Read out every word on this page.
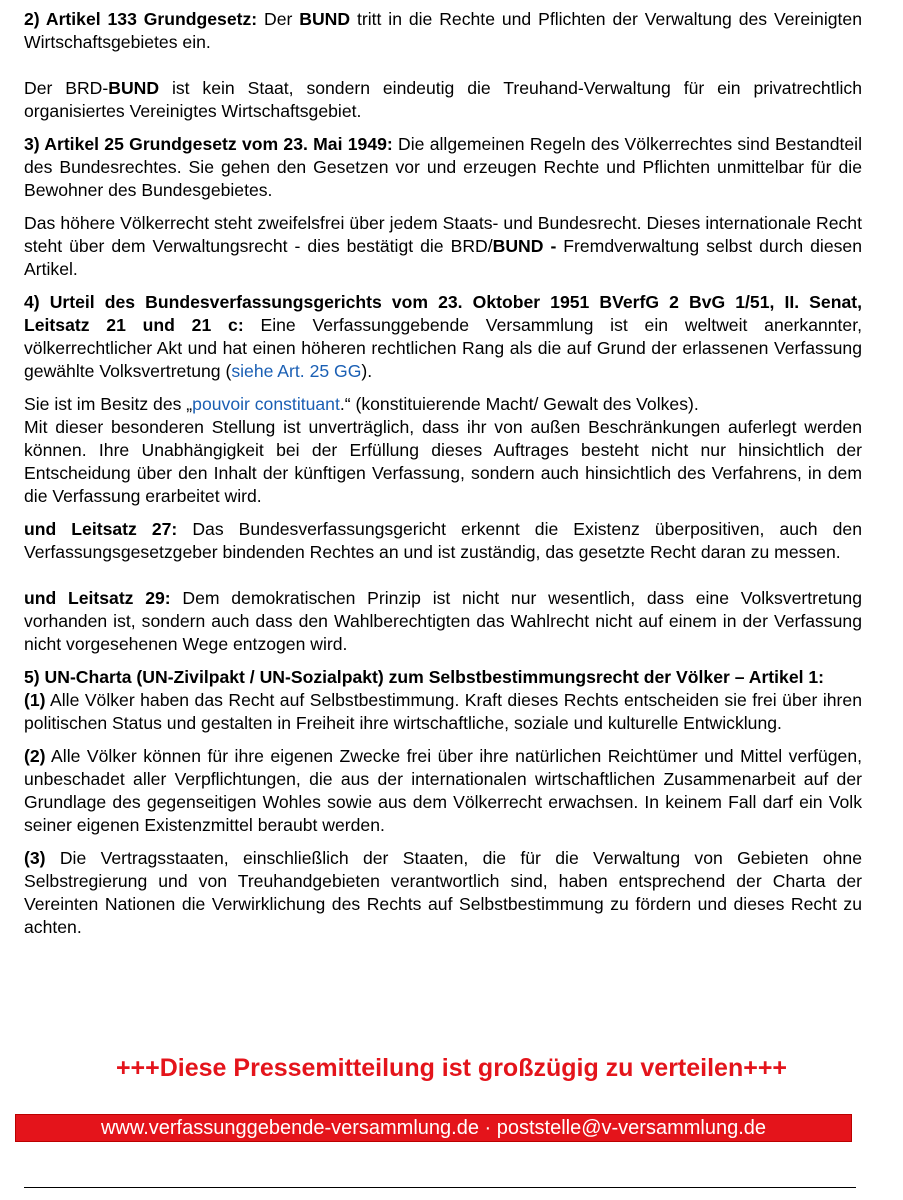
2) Artikel 133 Grundgesetz: Der BUND tritt in die Rechte und Pflichten der Verwaltung des Vereinigten Wirtschaftsgebietes ein.

Der BRD-BUND ist kein Staat, sondern eindeutig die Treuhand-Verwaltung für ein privatrechtlich organisiertes Vereinigtes Wirtschaftsgebiet.

3) Artikel 25 Grundgesetz vom 23. Mai 1949: Die allgemeinen Regeln des Völkerrechtes sind Bestandteil des Bundesrechtes. Sie gehen den Gesetzen vor und erzeugen Rechte und Pflichten unmittelbar für die Bewohner des Bundesgebietes.

Das höhere Völkerrecht steht zweifelsfrei über jedem Staats- und Bundesrecht. Dieses internationale Recht steht über dem Verwaltungsrecht - dies bestätigt die BRD/BUND - Fremdverwaltung selbst durch diesen Artikel.

4) Urteil des Bundesverfassungsgerichts vom 23. Oktober 1951 BVerfG 2 BvG 1/51, II. Senat, Leitsatz 21 und 21 c: Eine Verfassunggebende Versammlung ist ein weltweit anerkannter, völkerrechtlicher Akt und hat einen höheren rechtlichen Rang als die auf Grund der erlassenen Verfassung gewählte Volksvertretung (siehe Art. 25 GG).

Sie ist im Besitz des „pouvoir constituant.“ (konstituierende Macht/ Gewalt des Volkes).

Mit dieser besonderen Stellung ist unverträglich, dass ihr von außen Beschränkungen auferlegt werden können. Ihre Unabhängigkeit bei der Erfüllung dieses Auftrages besteht nicht nur hinsichtlich der Entscheidung über den Inhalt der künftigen Verfassung, sondern auch hinsichtlich des Verfahrens, in dem die Verfassung erarbeitet wird.

und Leitsatz 27: Das Bundesverfassungsgericht erkennt die Existenz überpositiven, auch den Verfassungsgesetzgeber bindenden Rechtes an und ist zuständig, das gesetzte Recht daran zu messen.

und Leitsatz 29: Dem demokratischen Prinzip ist nicht nur wesentlich, dass eine Volksvertretung vorhanden ist, sondern auch dass den Wahlberechtigten das Wahlrecht nicht auf einem in der Verfassung nicht vorgesehenen Wege entzogen wird.

5) UN-Charta (UN-Zivilpakt / UN-Sozialpakt) zum Selbstbestimmungsrecht der Völker – Artikel 1:

(1) Alle Völker haben das Recht auf Selbstbestimmung. Kraft dieses Rechts entscheiden sie frei über ihren politischen Status und gestalten in Freiheit ihre wirtschaftliche, soziale und kulturelle Entwicklung.

(2) Alle Völker können für ihre eigenen Zwecke frei über ihre natürlichen Reichtümer und Mittel verfügen, unbeschadet aller Verpflichtungen, die aus der internationalen wirtschaftlichen Zusammenarbeit auf der Grundlage des gegenseitigen Wohles sowie aus dem Völkerrecht erwachsen. In keinem Fall darf ein Volk seiner eigenen Existenzmittel beraubt werden.

(3) Die Vertragsstaaten, einschließlich der Staaten, die für die Verwaltung von Gebieten ohne Selbstregierung und von Treuhandgebieten verantwortlich sind, haben entsprechend der Charta der Vereinten Nationen die Verwirklichung des Rechts auf Selbstbestimmung zu fördern und dieses Recht zu achten.

+++Diese Pressemitteilung ist großzügig zu verteilen+++
www.verfassunggebende-versammlung.de · poststelle@v-versammlung.de
